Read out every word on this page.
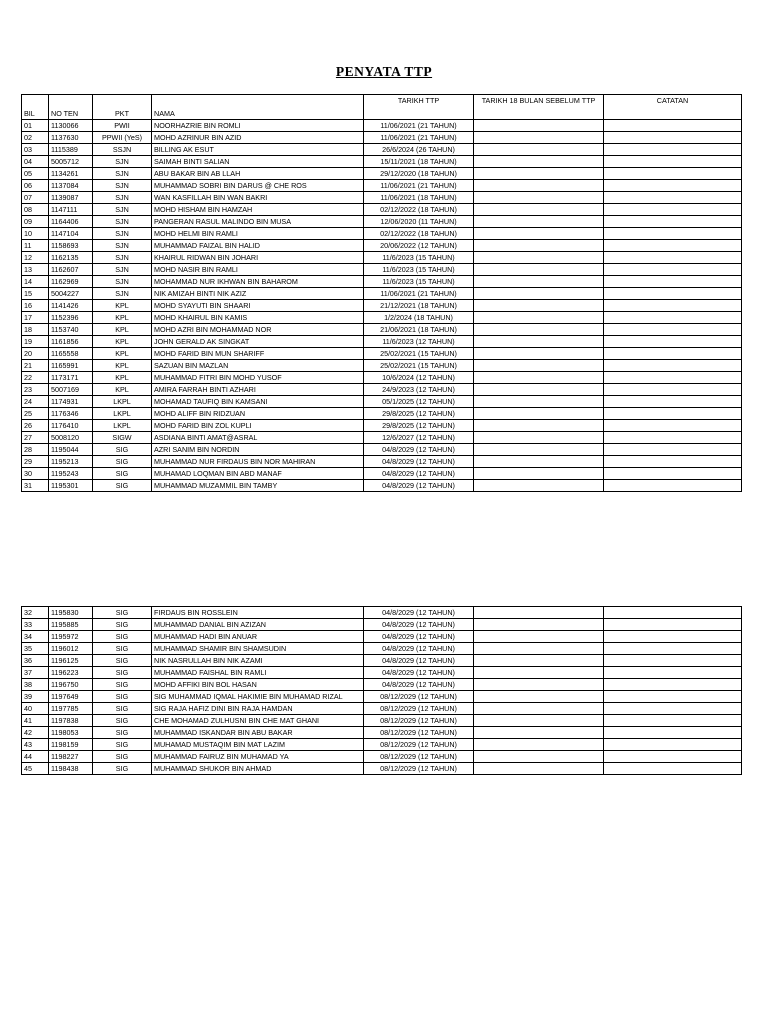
PENYATA TTP
BIL	NO TEN	PKT	NAMA	TARIKH TTP	TARIKH 18 BULAN SEBELUM TTP	CATATAN
01	1130066	PWII	NOORHAZRIE BIN ROMLI	11/06/2021 (21 TAHUN)		
02	1137630	PPWII (YeS)	MOHD AZRINUR BIN AZID	11/06/2021 (21 TAHUN)		
03	1115389	SSJN	BILLING AK ESUT	26/6/2024 (26 TAHUN)		
04	5005712	SJN	SAIMAH BINTI SALIAN	15/11/2021 (18 TAHUN)		
05	1134261	SJN	ABU BAKAR BIN AB LLAH	29/12/2020 (18 TAHUN)		
06	1137084	SJN	MUHAMMAD SOBRI BIN DARUS @ CHE ROS	11/06/2021 (21 TAHUN)		
07	1139087	SJN	WAN KASFILLAH BIN WAN BAKRI	11/06/2021 (18 TAHUN)		
08	1147111	SJN	MOHD HISHAM BIN HAMZAH	02/12/2022 (18 TAHUN)		
09	1164406	SJN	PANGERAN RASUL MALINDO BIN MUSA	12/06/2020 (11 TAHUN)		
10	1147104	SJN	MOHD HELMI BIN RAMLI	02/12/2022 (18 TAHUN)		
11	1158693	SJN	MUHAMMAD FAIZAL BIN HALID	20/06/2022 (12 TAHUN)		
12	1162135	SJN	KHAIRUL RIDWAN BIN JOHARI	11/6/2023 (15 TAHUN)		
13	1162607	SJN	MOHD NASIR BIN RAMLI	11/6/2023 (15 TAHUN)		
14	1162969	SJN	MOHAMMAD NUR IKHWAN BIN BAHAROM	11/6/2023 (15 TAHUN)		
15	5004227	SJN	NIK AMIZAH BINTI NIK AZIZ	11/06/2021 (21 TAHUN)		
16	1141426	KPL	MOHD SYAYUTI BIN SHAARI	21/12/2021 (18 TAHUN)		
17	1152396	KPL	MOHD KHAIRUL BIN KAMIS	1/2/2024 (18 TAHUN)		
18	1153740	KPL	MOHD AZRI BIN MOHAMMAD NOR	21/06/2021 (18 TAHUN)		
19	1161856	KPL	JOHN GERALD AK SINGKAT	11/6/2023 (12 TAHUN)		
20	1165558	KPL	MOHD FARID BIN MUN SHARIFF	25/02/2021 (15 TAHUN)		
21	1165991	KPL	SAZUAN BIN MAZLAN	25/02/2021 (15 TAHUN)		
22	1173171	KPL	MUHAMMAD FITRI BIN MOHD YUSOF	10/6/2024 (12 TAHUN)		
23	5007169	KPL	AMIRA FARRAH BINTI AZHARI	24/9/2023 (12 TAHUN)		
24	1174931	LKPL	MOHAMAD TAUFIQ BIN KAMSANI	05/1/2025 (12 TAHUN)		
25	1176346	LKPL	MOHD ALIFF BIN RIDZUAN	29/8/2025 (12 TAHUN)		
26	1176410	LKPL	MOHD FARID BIN ZOL KUPLI	29/8/2025 (12 TAHUN)		
27	5008120	SIGW	ASDIANA BINTI AMAT@ASRAL	12/6/2027 (12 TAHUN)		
28	1195044	SIG	AZRI SANIM BIN NORDIN	04/8/2029 (12 TAHUN)		
29	1195213	SIG	MUHAMMAD NUR FIRDAUS BIN NOR MAHIRAN	04/8/2029 (12 TAHUN)		
30	1195243	SIG	MUHAMAD LOQMAN BIN ABD MANAF	04/8/2029 (12 TAHUN)		
31	1195301	SIG	MUHAMMAD MUZAMMIL BIN TAMBY	04/8/2029 (12 TAHUN)		
32	1195830	SIG	FIRDAUS BIN ROSSLEIN	04/8/2029 (12 TAHUN)		
33	1195885	SIG	MUHAMMAD DANIAL BIN AZIZAN	04/8/2029 (12 TAHUN)		
34	1195972	SIG	MUHAMMAD HADI BIN ANUAR	04/8/2029 (12 TAHUN)		
35	1196012	SIG	MUHAMMAD SHAMIR BIN SHAMSUDIN	04/8/2029 (12 TAHUN)		
36	1196125	SIG	NIK NASRULLAH BIN NIK AZAMI	04/8/2029 (12 TAHUN)		
37	1196223	SIG	MUHAMMAD FAISHAL BIN RAMLI	04/8/2029 (12 TAHUN)		
38	1196750	SIG	MOHD AFFIKI BIN BOL HASAN	04/8/2029 (12 TAHUN)		
39	1197649	SIG	SIG MUHAMMAD IQMAL HAKIMIE BIN MUHAMAD RIZAL	08/12/2029 (12 TAHUN)		
40	1197785	SIG	SIG RAJA HAFIZ DINI BIN RAJA HAMDAN	08/12/2029 (12 TAHUN)		
41	1197838	SIG	CHE MOHAMAD ZULHUSNI BIN CHE MAT GHANI	08/12/2029 (12 TAHUN)		
42	1198053	SIG	MUHAMMAD ISKANDAR BIN ABU BAKAR	08/12/2029 (12 TAHUN)		
43	1198159	SIG	MUHAMAD MUSTAQIM BIN MAT LAZIM	08/12/2029 (12 TAHUN)		
44	1198227	SIG	MUHAMMAD FAIRUZ BIN MUHAMAD YA	08/12/2029 (12 TAHUN)		
45	1198438	SIG	MUHAMMAD SHUKOR BIN AHMAD	08/12/2029 (12 TAHUN)		
